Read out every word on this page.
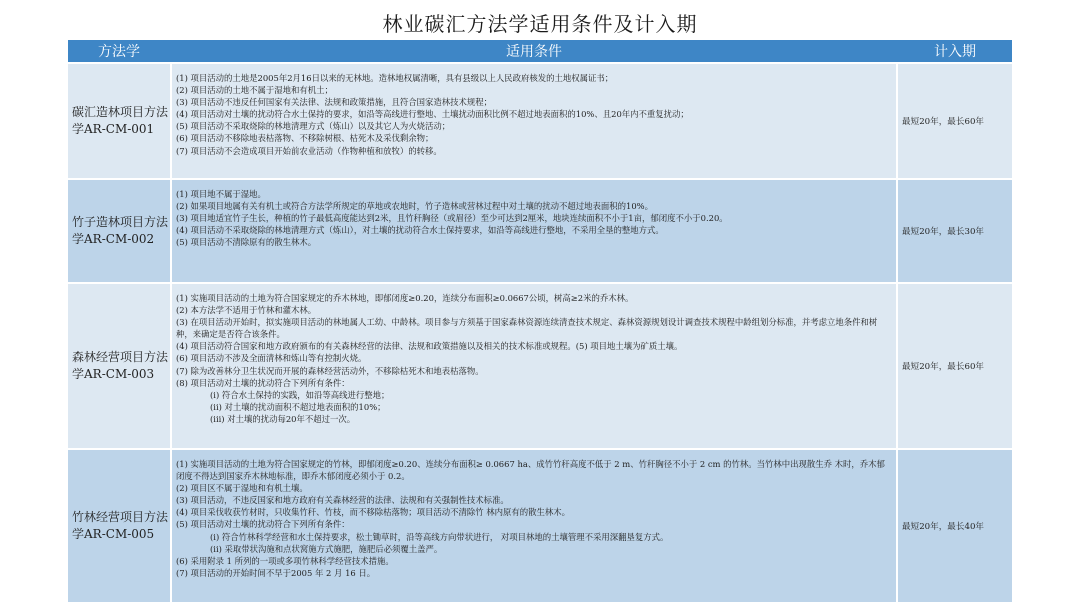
林业碳汇方法学适用条件及计入期
方法学	适用条件	计入期
碳汇造林项目方法学AR-CM-001
(1) 项目活动的土地是2005年2月16日以来的无林地。造林地权属清晰，具有县级以上人民政府核发的土地权属证书；
(2) 项目活动的土地不属于湿地和有机土；
(3) 项目活动不违反任何国家有关法律、法规和政策措施，且符合国家造林技术规程；
(4) 项目活动对土壤的扰动符合水土保持的要求，如沿等高线进行整地、土壤扰动面积比例不超过地表面积的10%、且20年内不重复扰动；
(5) 项目活动不采取烧除的林地清理方式（炼山）以及其它人为火烧活动；
(6) 项目活动不移除地表枯落物、不移除树根、枯死木及采伐剩余物；
(7) 项目活动不会造成项目开始前农业活动（作物种植和放牧）的转移。
最短20年，最长60年
竹子造林项目方法学AR-CM-002
(1) 项目地不属于湿地。
(2) 如果项目地属有关有机土或符合方法学所规定的草地或农地时，竹子造林或营林过程中对土壤的扰动不超过地表面积的10%。
(3) 项目地适宜竹子生长，种植的竹子最低高度能达到2米，且竹秆胸径（或眉径）至少可达到2厘米，地块连续面积不小于1亩，郁闭度不小于0.20。
(4) 项目活动不采取烧除的林地清理方式（炼山），对土壤的扰动符合水土保持要求，如沿等高线进行整地，不采用全垦的整地方式。
(5) 项目活动不清除原有的散生林木。
最短20年，最长30年
森林经营项目方法学AR-CM-003
(1) 实施项目活动的土地为符合国家规定的乔木林地，即郁闭度≥0.20，连续分布面积≥0.0667公顷，树高≥2米的乔木林。
(2) 本方法学不适用于竹林和灌木林。
(3) 在项目活动开始时，拟实施项目活动的林地属人工幼、中龄林。项目参与方须基于国家森林资源连续清查技术规定、森林资源规划设计调查技术规程中龄组划分标准，并考虑立地条件和树种，来确定是否符合该条件。
(4) 项目活动符合国家和地方政府颁布的有关森林经营的法律、法规和政策措施以及相关的技术标准或规程。(5) 项目地土壤为矿质土壤。
(6) 项目活动不涉及全面清林和炼山等有控制火烧。
(7) 除为改善林分卫生状况而开展的森林经营活动外，不移除枯死木和地表枯落物。
(8) 项目活动对土壤的扰动符合下列所有条件：
(i) 符合水土保持的实践，如沿等高线进行整地；
(ii) 对土壤的扰动面积不超过地表面积的10%；
(iii) 对土壤的扰动每20年不超过一次。
最短20年，最长60年
竹林经营项目方法学AR-CM-005
(1) 实施项目活动的土地为符合国家规定的竹林，即郁闭度≥0.20、连续分布面积≥ 0.0667 ha、成竹竹秆高度不低于 2 m、竹秆胸径不小于 2 cm 的竹林。当竹林中出现散生乔 木时，乔木郁闭度不得达到国家乔木林地标准，即乔木郁闭度必须小于 0.2。
(2) 项目区不属于湿地和有机土壤。
(3) 项目活动，不违反国家和地方政府有关森林经营的法律、法规和有关强制性技术标准。
(4) 项目采伐收获竹材时，只收集竹秆、竹枝，而不移除枯落物；项目活动不清除竹 林内原有的散生林木。
(5) 项目活动对土壤的扰动符合下列所有条件：
(i) 符合竹林科学经营和水土保持要求，松土锄草时，沿等高线方向带状进行， 对项目林地的土壤管理不采用深翻垦复方式。
(ii) 采取带状沟施和点状窝施方式施肥，施肥后必须覆土盖严。
(6) 采用附录 1 所列的一项或多项竹林科学经营技术措施。
(7) 项目活动的开始时间不早于2005 年 2 月 16 日。
最短20年，最长40年
